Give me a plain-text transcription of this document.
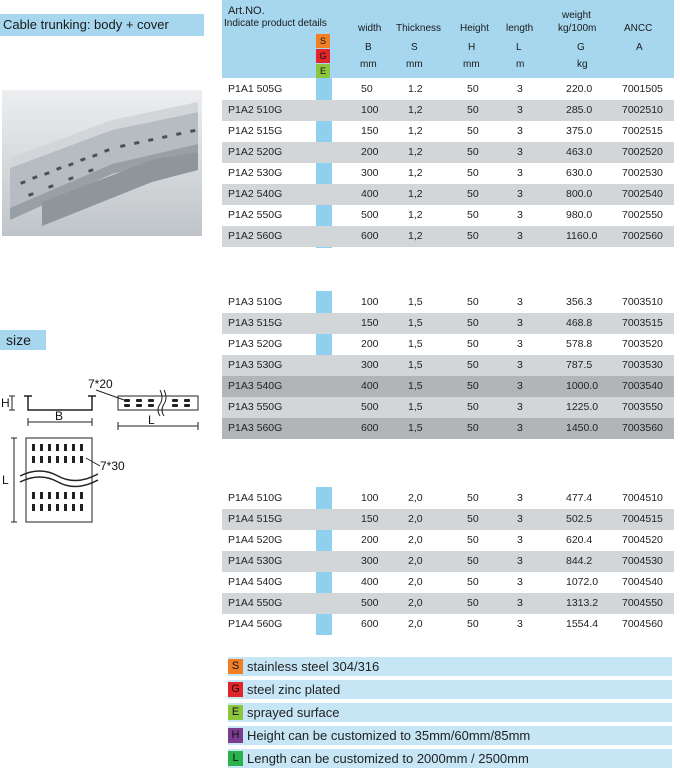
Cable trunking: body + cover
Art.NO.
Indicate product details	width Thickness Height length
weight
kg/100m	ANCC
B	S	H	L	G	A
mm	mm	mm	m	kg
S
G
E
P1A1 505G	50	1.2	50	3	220.0	7001505
P1A2 510G	100	1,2	50	3	285.0	7002510
P1A2 515G	150	1,2	50	3	375.0	7002515
P1A2 520G	200	1,2	50	3	463.0	7002520
P1A2 530G	300	1,2	50	3	630.0	7002530
P1A2 540G	400	1,2	50	3	800.0	7002540
P1A2 550G	500	1,2	50	3	980.0	7002550
P1A2 560G	600	1,2	50	3	1160.0 7002560
P1A3 510G	100	1,5	50	3	356.3	7003510
P1A3 515G	150	1,5	50	3	468.8	7003515
P1A3 520G	200	1,5	50	3	578.8	7003520
P1A3 530G	300	1,5	50	3	787.5	7003530
P1A3 540G	400	1,5	50	3	1000.0 7003540
P1A3 550G	500	1,5	50	3	1225.0 7003550
P1A3 560G	600	1,5	50	3	1450.0 7003560
P1A4 510G	100	2,0	50	3	477.4	7004510
P1A4 515G	150	2,0	50	3	502.5	7004515
P1A4 520G	200	2,0	50	3	620.4	7004520
P1A4 530G	300	2,0	50	3	844.2	7004530
P1A4 540G	400	2,0	50	3	1072.0 7004540
P1A4 550G	500	2,0	50	3	1313.2 7004550
P1A4 560G	600	2,0	50	3	1554.4 7004560
size
H
B
7*20
L
L
7*30
S stainless steel 304/316
G steel zinc plated
E sprayed surface
H Height can be customized to 35mm/60mm/85mm
L Length can be customized to 2000mm / 2500mm
